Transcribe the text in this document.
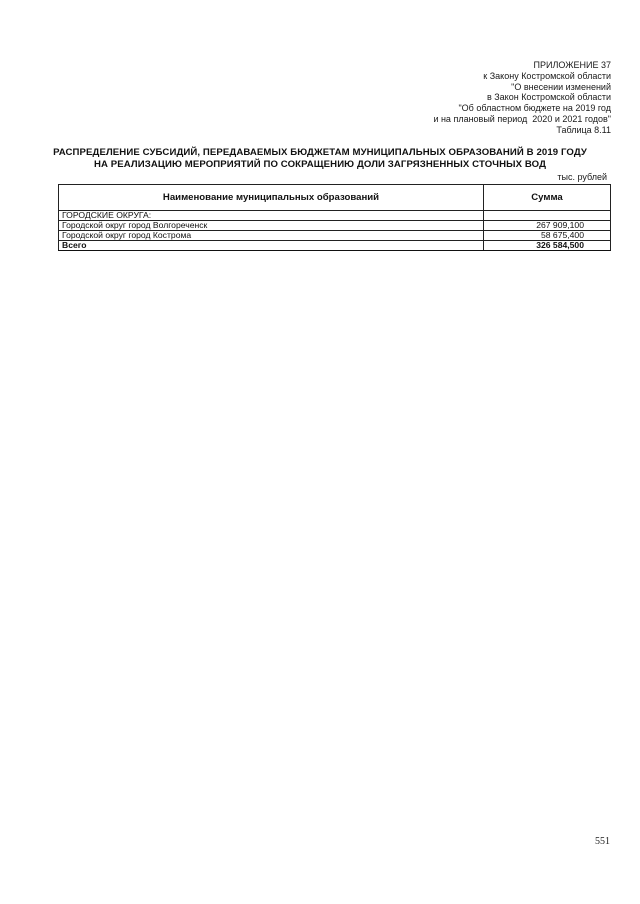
ПРИЛОЖЕНИЕ 37
к Закону Костромской области
"О внесении изменений
в Закон Костромской области
"Об областном бюджете на 2019 год
и на плановый период  2020 и 2021 годов"
Таблица 8.11
РАСПРЕДЕЛЕНИЕ СУБСИДИЙ, ПЕРЕДАВАЕМЫХ БЮДЖЕТАМ МУНИЦИПАЛЬНЫХ ОБРАЗОВАНИЙ В 2019 ГОДУ
НА РЕАЛИЗАЦИЮ МЕРОПРИЯТИЙ ПО СОКРАЩЕНИЮ ДОЛИ ЗАГРЯЗНЕННЫХ СТОЧНЫХ ВОД
тыс. рублей
Наименование муниципальных образований	Сумма
ГОРОДСКИЕ ОКРУГА:	
Городской округ город Волгореченск	267 909,100
Городской округ город Кострома	58 675,400
Всего	326 584,500
551
